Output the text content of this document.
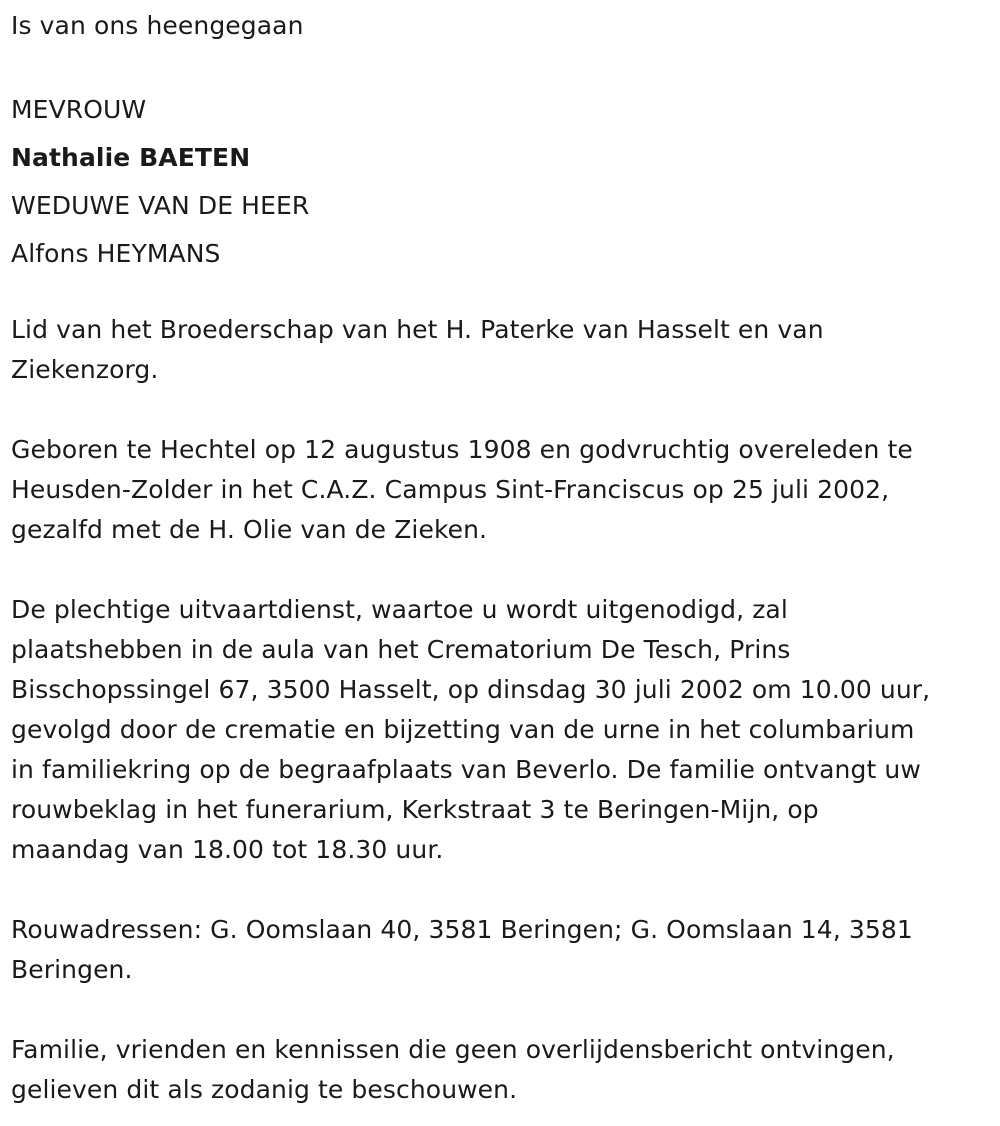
Is van ons heengegaan

MEVROUW

Nathalie BAETEN

WEDUWE VAN DE HEER

Alfons HEYMANS

Lid van het Broederschap van het H. Paterke van Hasselt en van

Ziekenzorg.

Geboren te Hechtel op 12 augustus 1908 en godvruchtig overeleden te

Heusden-Zolder in het C.A.Z. Campus Sint-Franciscus op 25 juli 2002,

gezalfd met de H. Olie van de Zieken.

De plechtige uitvaartdienst, waartoe u wordt uitgenodigd, zal

plaatshebben in de aula van het Crematorium De Tesch, Prins

Bisschopssingel 67, 3500 Hasselt, op dinsdag 30 juli 2002 om 10.00 uur,

gevolgd door de crematie en bijzetting van de urne in het columbarium

in familiekring op de begraafplaats van Beverlo. De familie ontvangt uw

rouwbeklag in het funerarium, Kerkstraat 3 te Beringen-Mijn, op

maandag van 18.00 tot 18.30 uur.

Rouwadressen: G. Oomslaan 40, 3581 Beringen; G. Oomslaan 14, 3581

Beringen.

Familie, vrienden en kennissen die geen overlijdensbericht ontvingen,

gelieven dit als zodanig te beschouwen.
